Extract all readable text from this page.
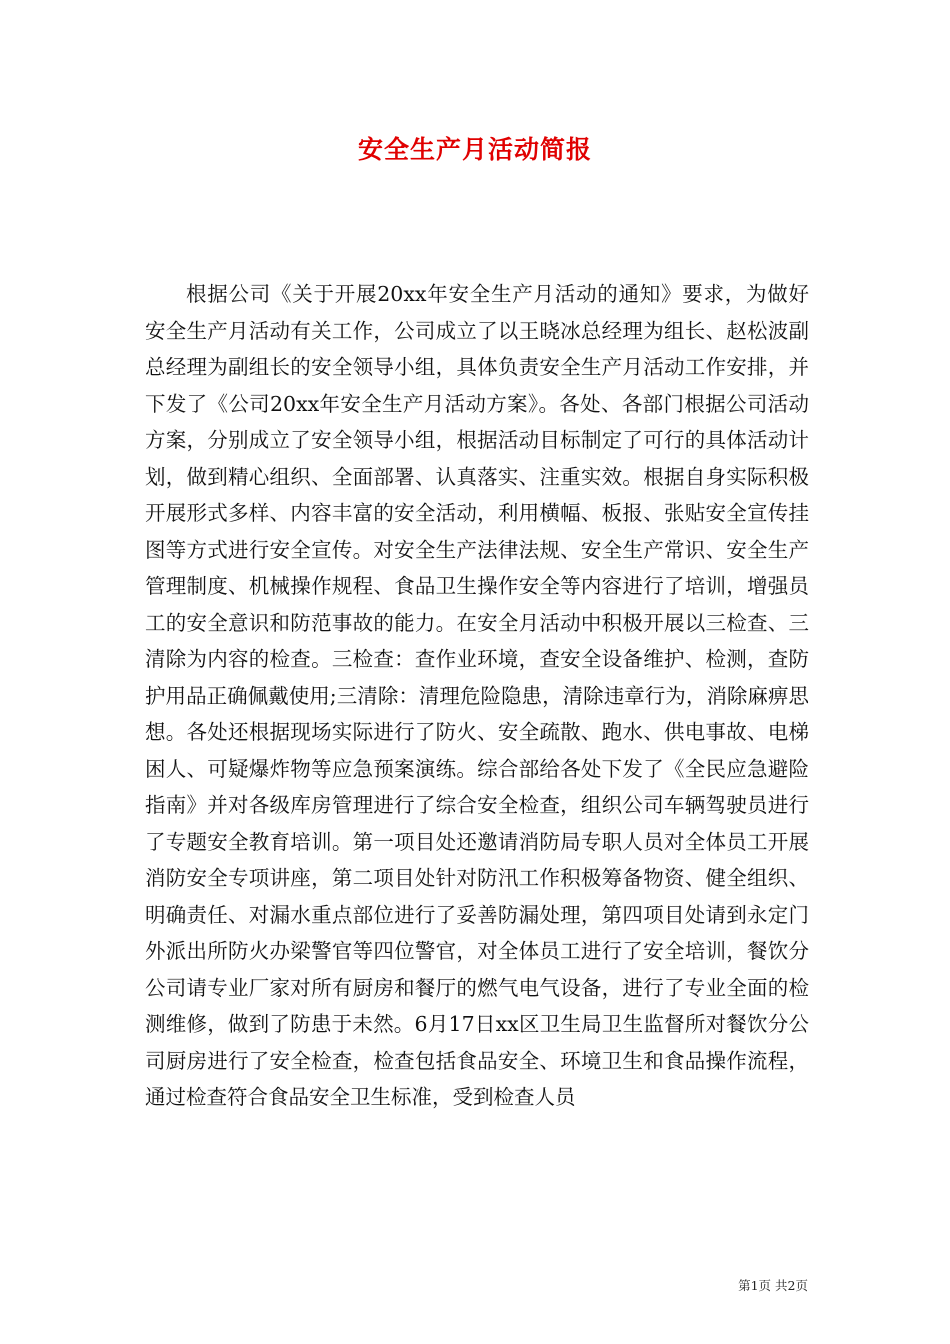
安全生产月活动简报

根据公司《关于开展20xx年安全生产月活动的通知》要求，为做好安全生产月活动有关工作，公司成立了以王晓冰总经理为组长、赵松波副总经理为副组长的安全领导小组，具体负责安全生产月活动工作安排，并下发了《公司20xx年安全生产月活动方案》。各处、各部门根据公司活动方案，分别成立了安全领导小组，根据活动目标制定了可行的具体活动计划，做到精心组织、全面部署、认真落实、注重实效。根据自身实际积极开展形式多样、内容丰富的安全活动，利用横幅、板报、张贴安全宣传挂图等方式进行安全宣传。对安全生产法律法规、安全生产常识、安全生产管理制度、机械操作规程、食品卫生操作安全等内容进行了培训，增强员工的安全意识和防范事故的能力。在安全月活动中积极开展以三检查、三清除为内容的检查。三检查：查作业环境，查安全设备维护、检测，查防护用品正确佩戴使用;三清除：清理危险隐患，清除违章行为，消除麻痹思想。各处还根据现场实际进行了防火、安全疏散、跑水、供电事故、电梯困人、可疑爆炸物等应急预案演练。综合部给各处下发了《全民应急避险指南》并对各级库房管理进行了综合安全检查，组织公司车辆驾驶员进行了专题安全教育培训。第一项目处还邀请消防局专职人员对全体员工开展消防安全专项讲座，第二项目处针对防汛工作积极筹备物资、健全组织、明确责任、对漏水重点部位进行了妥善防漏处理，第四项目处请到永定门外派出所防火办梁警官等四位警官，对全体员工进行了安全培训，餐饮分公司请专业厂家对所有厨房和餐厅的燃气电气设备，进行了专业全面的检测维修，做到了防患于未然。6月17日xx区卫生局卫生监督所对餐饮分公司厨房进行了安全检查，检查包括食品安全、环境卫生和食品操作流程，通过检查符合食品安全卫生标准，受到检查人员

第1页 共2页
